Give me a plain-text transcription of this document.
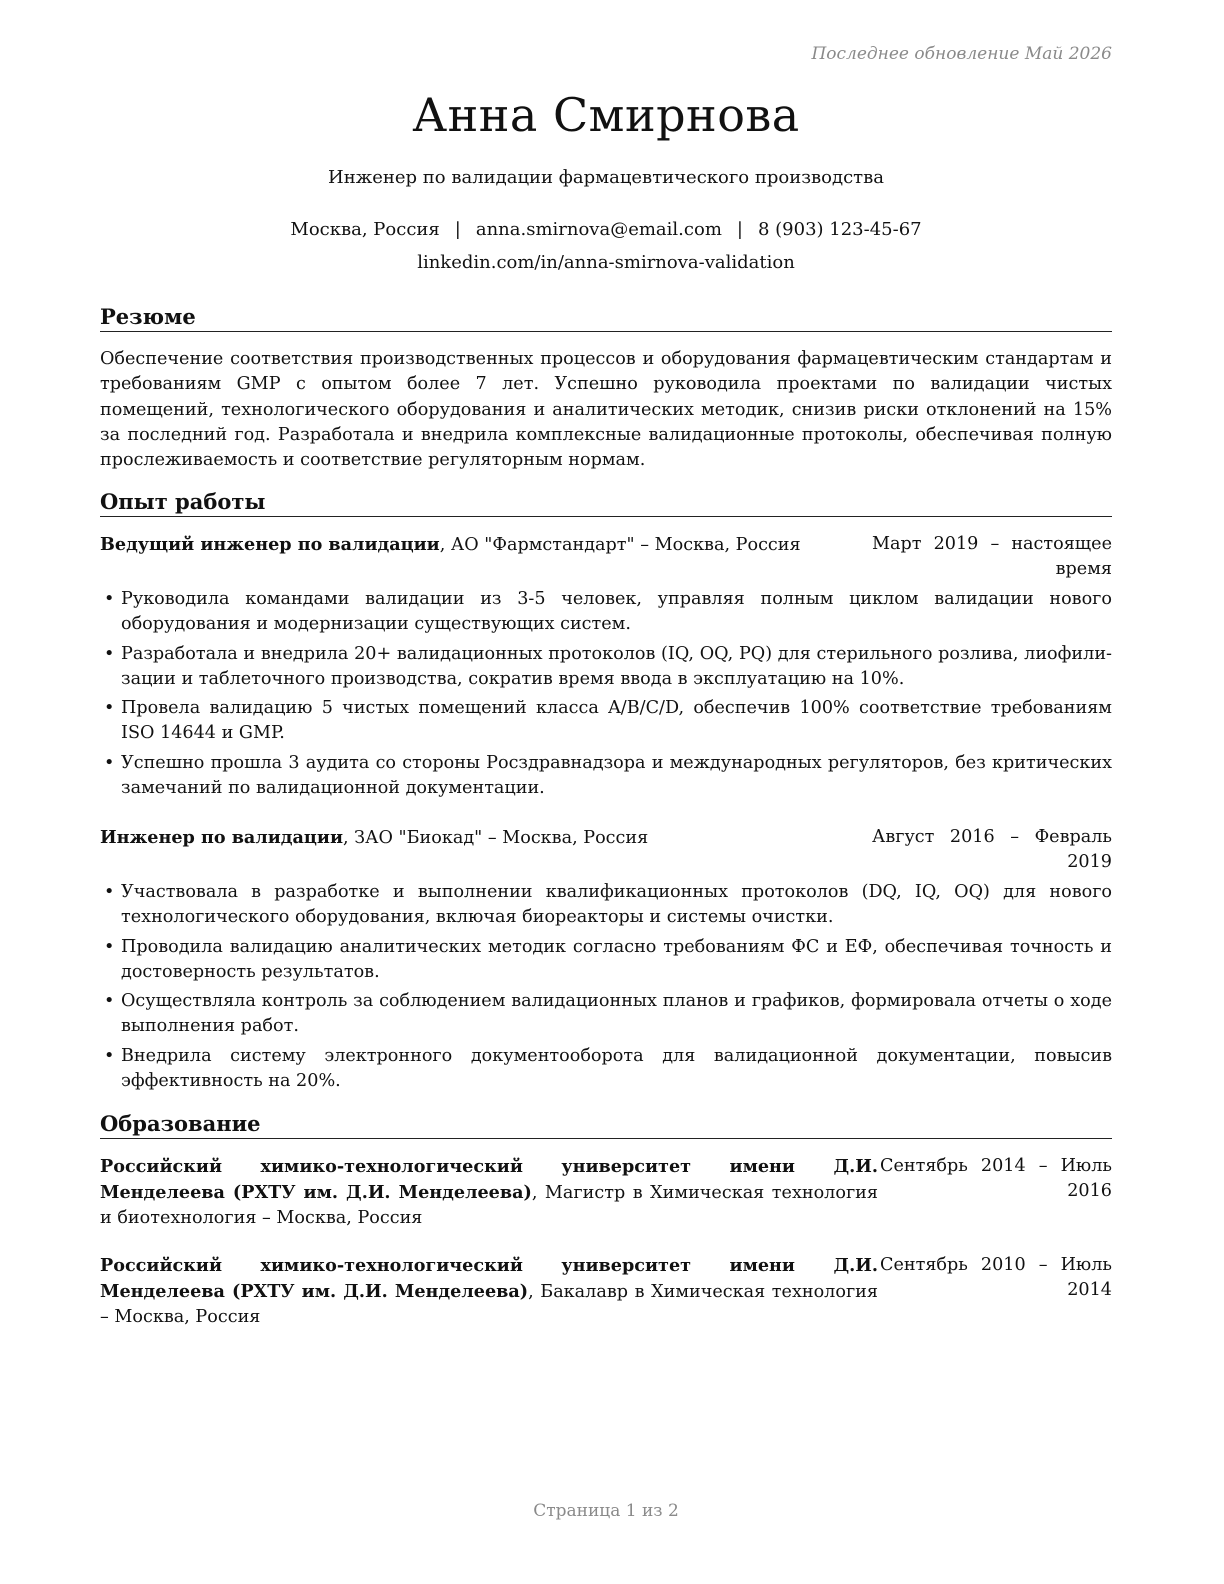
Последнее обновление Май 2026
Анна Смирнова
Инженер по валидации фармацевтического производства
Москва, Россия | anna.smirnova@email.com | 8 (903) 123-45-67
linkedin.com/in/anna-smirnova-validation
Резюме
Обеспечение соответствия производственных процессов и оборудования фармацевтическим стандартам и требованиям GMP с опытом более 7 лет. Успешно руководила проектами по валидации чистых помещений, технологического оборудования и аналитических методик, снизив риски отклонений на 15% за последний год. Разработала и внедрила комплексные валидационные протоколы, обеспечивая полную прослеживаемость и соответствие регуляторным нормам.
Опыт работы
Ведущий инженер по валидации, АО "Фармстандарт" – Москва, Россия	Март 2019 – настоящее время
• Руководила командами валидации из 3-5 человек, управляя полным циклом валидации нового оборудования и модернизации существующих систем.
• Разработала и внедрила 20+ валидационных протоколов (IQ, OQ, PQ) для стерильного розлива, лиофилизации и таблеточного производства, сократив время ввода в эксплуатацию на 10%.
• Провела валидацию 5 чистых помещений класса A/B/C/D, обеспечив 100% соответствие требованиям ISO 14644 и GMP.
• Успешно прошла 3 аудита со стороны Росздравнадзора и международных регуляторов, без критических замечаний по валидационной документации.
Инженер по валидации, ЗАО "Биокад" – Москва, Россия	Август 2016 – Февраль 2019
• Участвовала в разработке и выполнении квалификационных протоколов (DQ, IQ, OQ) для нового технологического оборудования, включая биореакторы и системы очистки.
• Проводила валидацию аналитических методик согласно требованиям ФС и ЕФ, обеспечивая точность и достоверность результатов.
• Осуществляла контроль за соблюдением валидационных планов и графиков, формировала отчеты о ходе выполнения работ.
• Внедрила систему электронного документооборота для валидационной документации, повысив эффективность на 20%.
Образование
Российский химико-технологический университет имени Д.И. Менделеева (РХТУ им. Д.И. Менделеева), Магистр в Химическая технология и биотехнология – Москва, Россия
Сентябрь 2014 – Июль 2016
Российский химико-технологический университет имени Д.И. Менделеева (РХТУ им. Д.И. Менделеева), Бакалавр в Химическая технология – Москва, Россия
Сентябрь 2010 – Июль 2014
Страница 1 из 2
